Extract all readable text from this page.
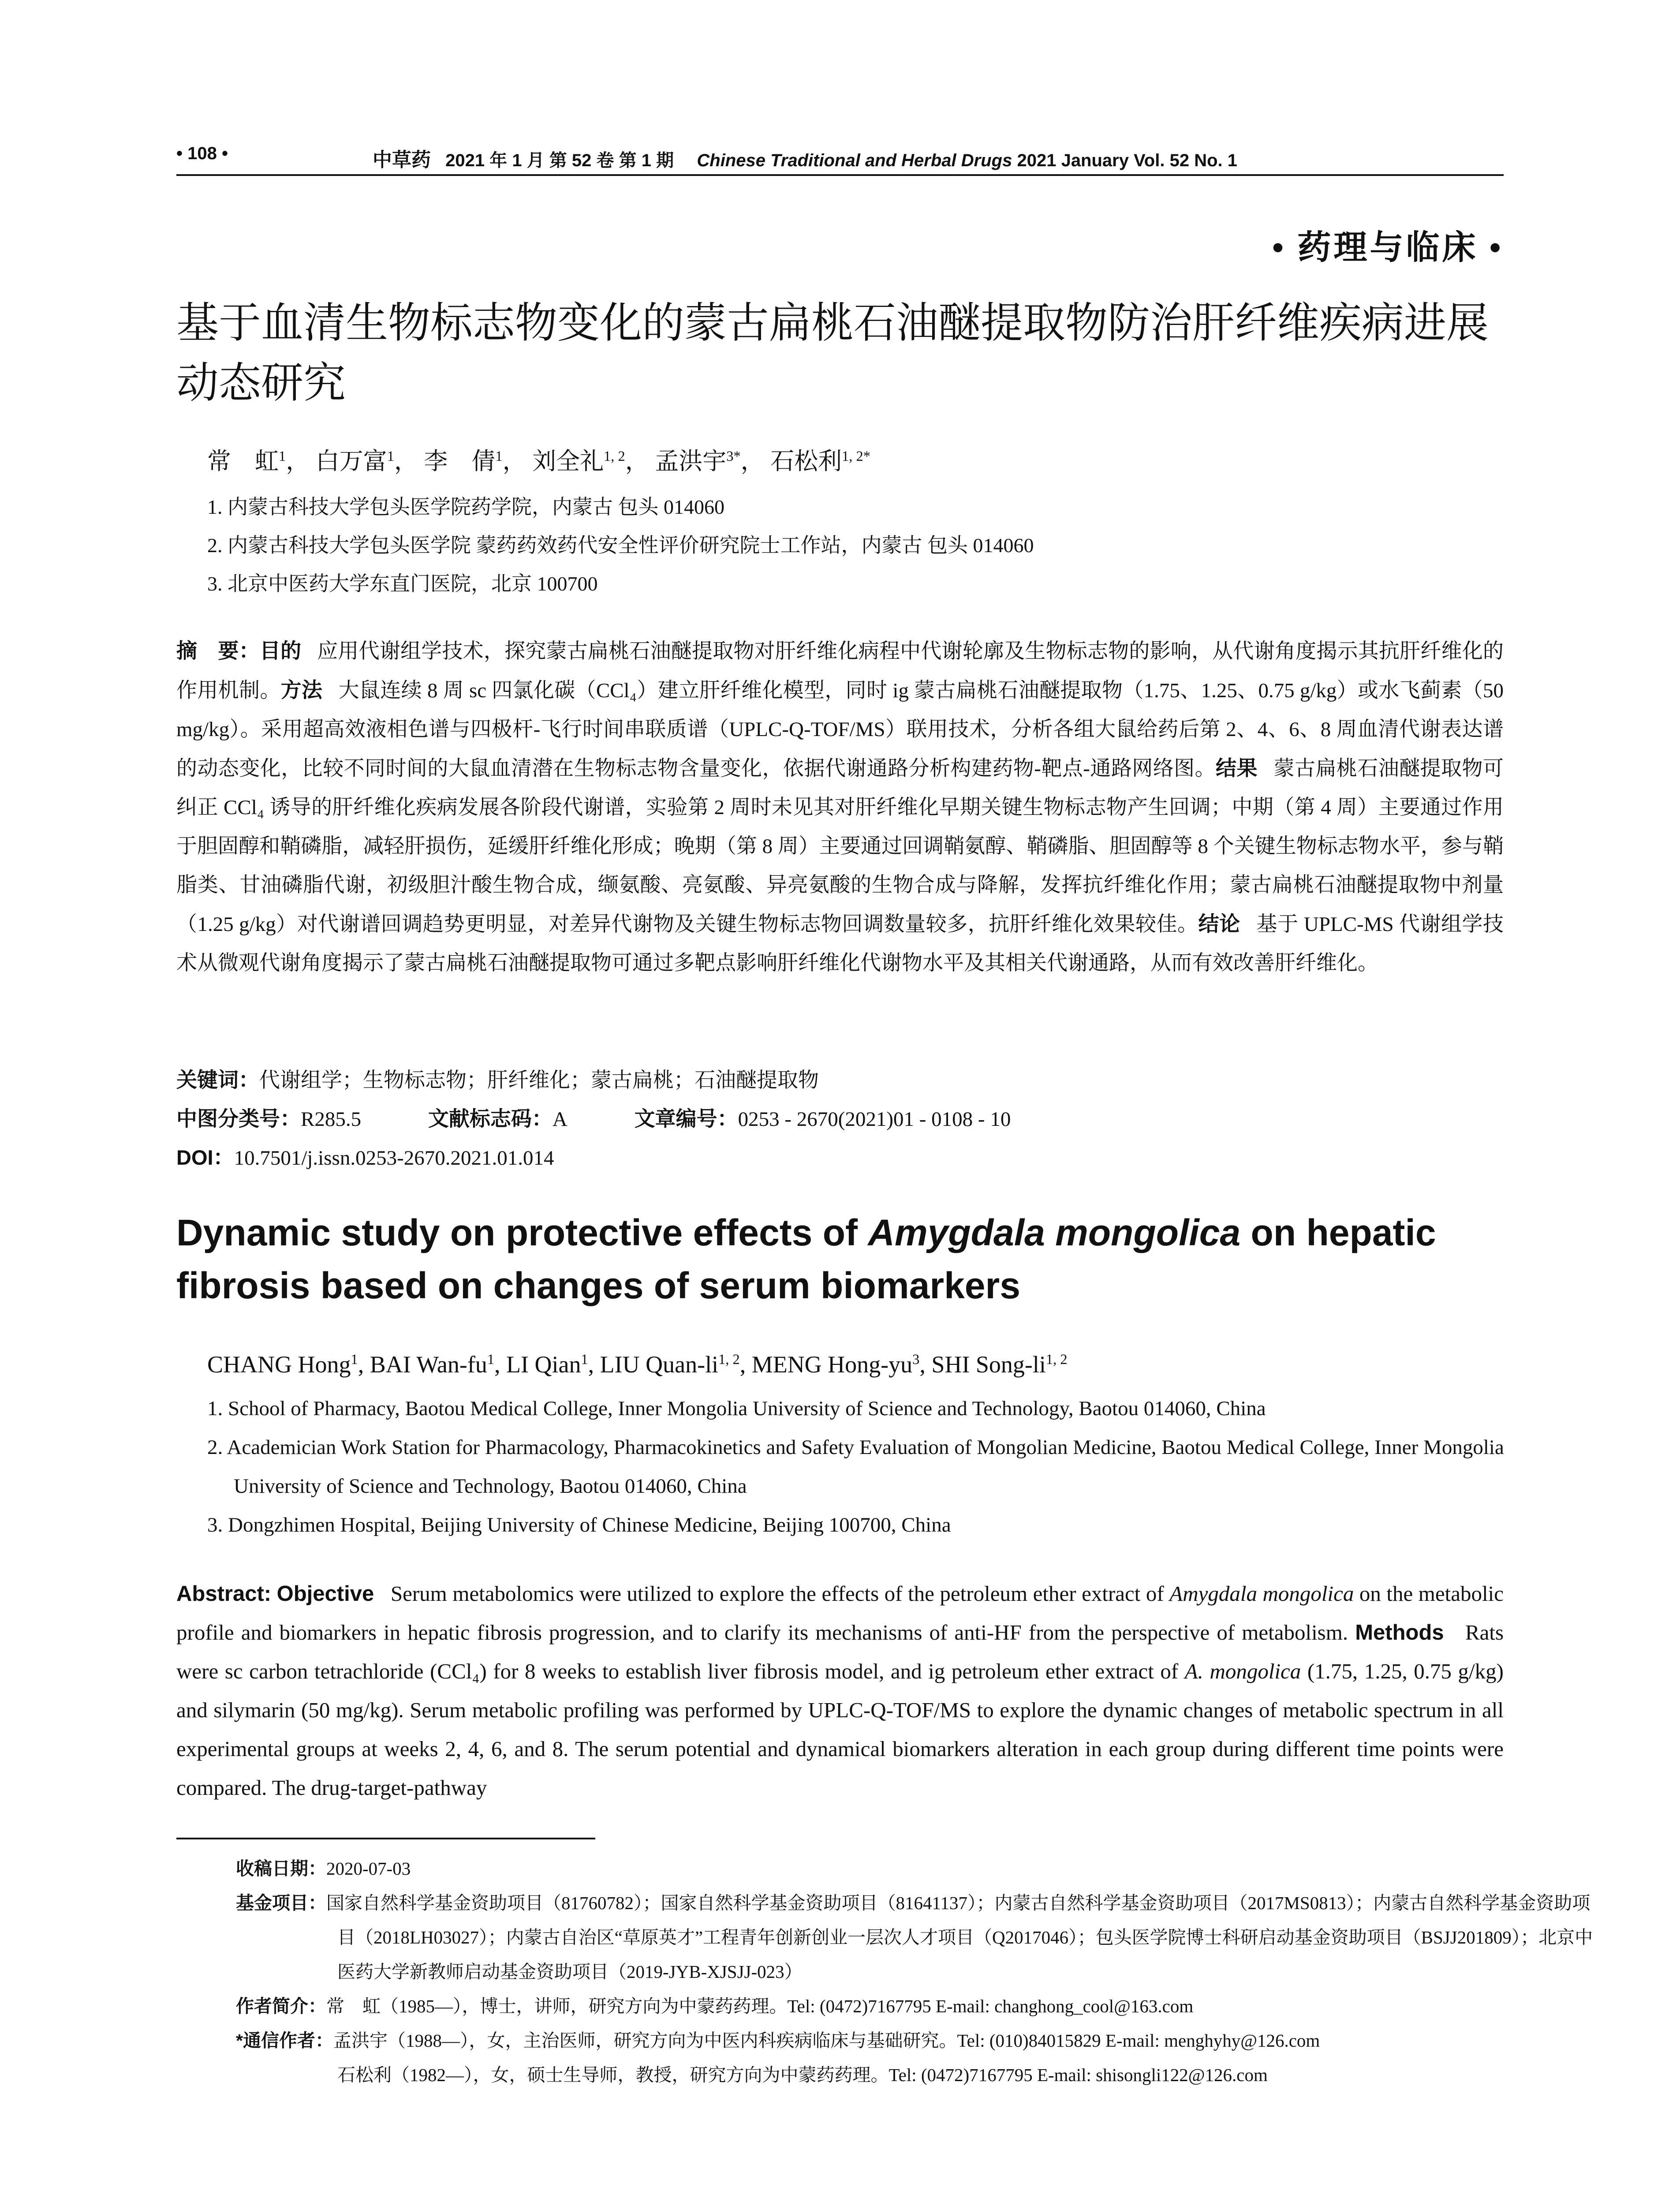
• 108 •	中草药 2021 年 1 月 第 52 卷 第 1 期 Chinese Traditional and Herbal Drugs 2021 January Vol. 52 No. 1
• 药理与临床 •
基于血清生物标志物变化的蒙古扁桃石油醚提取物防治肝纤维疾病进展动态研究
常　虹$^1$， 白万富$^1$， 李　倩$^1$， 刘全礼$^{1, 2}$， 孟洪宇$^{3*}$， 石松利$^{1, 2*}$
1. 内蒙古科技大学包头医学院药学院，内蒙古 包头 014060
2. 内蒙古科技大学包头医学院 蒙药药效药代安全性评价研究院士工作站，内蒙古 包头 014060
3. 北京中医药大学东直门医院，北京 100700
摘　要：目的 应用代谢组学技术，探究蒙古扁桃石油醚提取物对肝纤维化病程中代谢轮廓及生物标志物的影响，从代谢角度揭示其抗肝纤维化的作用机制。方法 大鼠连续 8 周 sc 四氯化碳（CCl₄）建立肝纤维化模型，同时 ig 蒙古扁桃石油醚提取物（1.75、1.25、0.75 g/kg）或水飞蓟素（50 mg/kg）。采用超高效液相色谱与四极杆-飞行时间串联质谱（UPLC-Q-TOF/MS）联用技术，分析各组大鼠给药后第 2、4、6、8 周血清代谢表达谱的动态变化，比较不同时间的大鼠血清潜在生物标志物含量变化，依据代谢通路分析构建药物-靶点-通路网络图。结果 蒙古扁桃石油醚提取物可纠正 CCl₄ 诱导的肝纤维化疾病发展各阶段代谢谱，实验第 2 周时未见其对肝纤维化早期关键生物标志物产生回调；中期（第 4 周）主要通过作用于胆固醇和鞘磷脂，减轻肝损伤，延缓肝纤维化形成；晚期（第 8 周）主要通过回调鞘氨醇、鞘磷脂、胆固醇等 8 个关键生物标志物水平，参与鞘脂类、甘油磷脂代谢，初级胆汁酸生物合成，缬氨酸、亮氨酸、异亮氨酸的生物合成与降解，发挥抗纤维化作用；蒙古扁桃石油醚提取物中剂量（1.25 g/kg）对代谢谱回调趋势更明显，对差异代谢物及关键生物标志物回调数量较多，抗肝纤维化效果较佳。结论 基于 UPLC-MS 代谢组学技术从微观代谢角度揭示了蒙古扁桃石油醚提取物可通过多靶点影响肝纤维化代谢物水平及其相关代谢通路，从而有效改善肝纤维化。
关键词：代谢组学；生物标志物；肝纤维化；蒙古扁桃；石油醚提取物
中图分类号：R285.5	文献标志码：A	文章编号：0253 - 2670(2021)01 - 0108 - 10
DOI：10.7501/j.issn.0253-2670.2021.01.014
Dynamic study on protective effects of Amygdala mongolica on hepatic fibrosis based on changes of serum biomarkers
CHANG Hong$^1$, BAI Wan-$fu^1$, LI Qian$^1$, LIU Quan-li$^{1, 2}$, MENG Hong-$yu^3$, SHI Song-li$^{1, 2}$
1. School of Pharmacy, Baotou Medical College, Inner Mongolia University of Science and Technology, Baotou 014060, China
2. Academician Work Station for Pharmacology, Pharmacokinetics and Safety Evaluation of Mongolian Medicine, Baotou Medical College, Inner Mongolia University of Science and Technology, Baotou 014060, China
3. Dongzhimen Hospital, Beijing University of Chinese Medicine, Beijing 100700, China
Abstract: Objective Serum metabolomics were utilized to explore the effects of the petroleum ether extract of Amygdala mongolica on the metabolic profile and biomarkers in hepatic fibrosis progression, and to clarify its mechanisms of anti-HF from the perspective of metabolism. Methods Rats were sc carbon tetrachloride (CCl₄) for 8 weeks to establish liver fibrosis model, and ig petroleum ether extract of A. mongolica (1.75, 1.25, 0.75 g/kg) and silymarin (50 mg/kg). Serum metabolic profiling was performed by UPLC-Q-TOF/MS to explore the dynamic changes of metabolic spectrum in all experimental groups at weeks 2, 4, 6, and 8. The serum potential and dynamical biomarkers alteration in each group during different time points were compared. The drug-target-pathway
收稿日期：2020-07-03
基金项目：国家自然科学基金资助项目（81760782）；国家自然科学基金资助项目（81641137）；内蒙古自然科学基金资助项目（2017MS0813）；内蒙古自然科学基金资助项目（2018LH03027）；内蒙古自治区“草原英才”工程青年创新创业一层次人才项目（Q2017046）；包头医学院博士科研启动基金资助项目（BSJJ201809）；北京中医药大学新教师启动基金资助项目（2019-JYB-XJSJJ-023）
作者简介：常　虹（1985—），博士，讲师，研究方向为中蒙药药理。Tel: (0472)7167795 E-mail: changhong_cool@163.com
*通信作者：孟洪宇（1988—），女，主治医师，研究方向为中医内科疾病临床与基础研究。Tel: (010)84015829 E-mail: menghyhy@126.com
石松利（1982—），女，硕士生导师，教授，研究方向为中蒙药药理。Tel: (0472)7167795 E-mail: shisongli122@126.com
